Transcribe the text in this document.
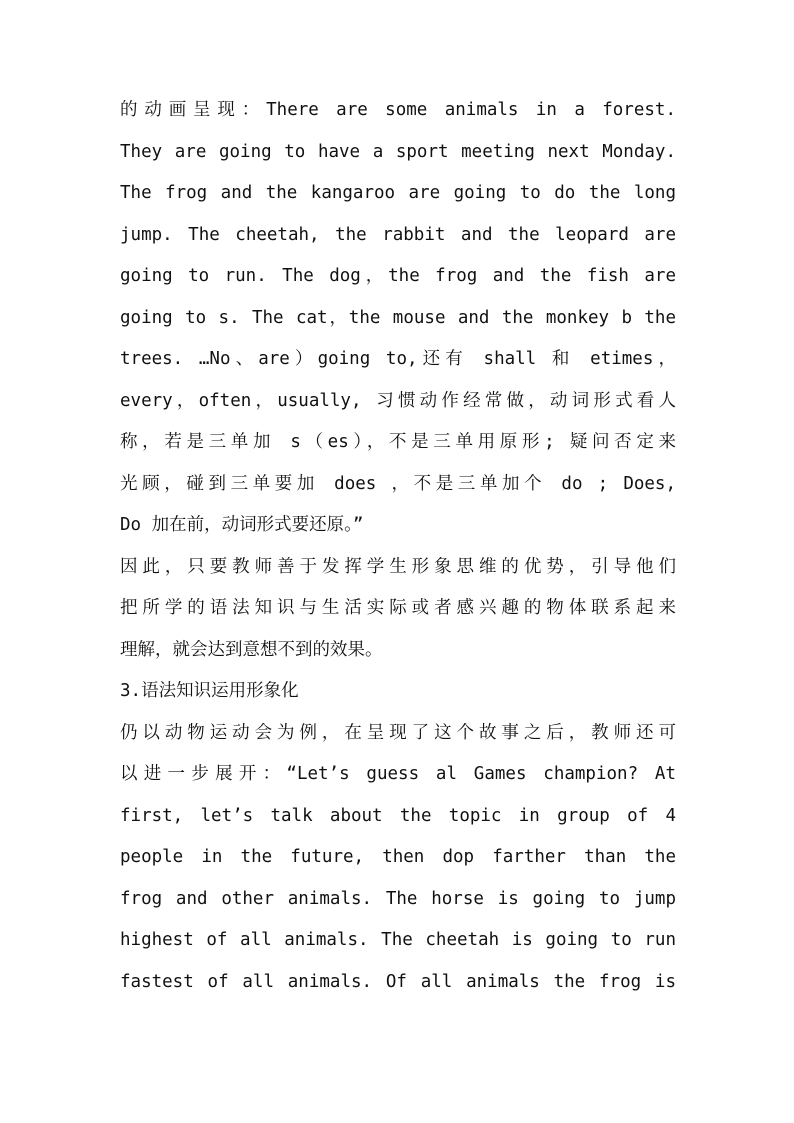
的动画呈现：There are some animals in a forest.
They are going to have a sport meeting next Monday.
The frog and the kangaroo are going to do the long
jump. The cheetah, the rabbit and the leopard are
going to run. The dog，the frog and the fish are
going to s. The cat，the mouse and the monkey b the
trees. …No、are）going to,还有 shall 和 etimes，
every，often，usually, 习惯动作经常做，动词形式看人
称，若是三单加 s（es），不是三单用原形; 疑问否定来
光顾，碰到三单要加 does ，不是三单加个 do ; Does,
Do 加在前，动词形式要还原。”
因此，只要教师善于发挥学生形象思维的优势，引导他们
把所学的语法知识与生活实际或者感兴趣的物体联系起来
理解，就会达到意想不到的效果。
3.语法知识运用形象化
仍以动物运动会为例，在呈现了这个故事之后，教师还可
以进一步展开：“Let’s guess al Games champion? At
first, let’s talk about the topic in group of 4
people in the future, then dop farther than the
frog and other animals. The horse is going to jump
highest of all animals. The cheetah is going to run
fastest of all animals. Of all animals the frog is
